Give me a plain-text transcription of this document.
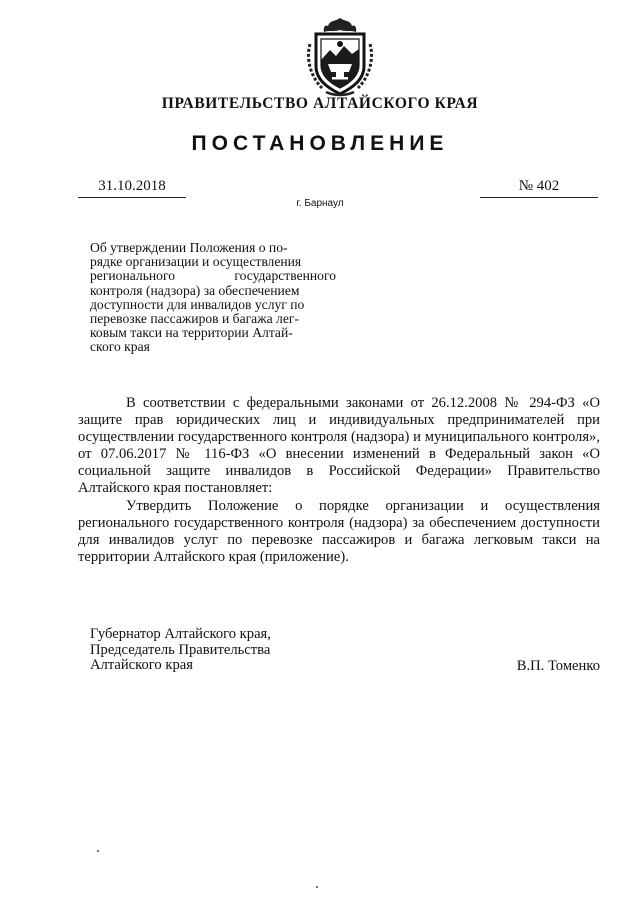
ПРАВИТЕЛЬСТВО АЛТАЙСКОГО КРАЯ
ПОСТАНОВЛЕНИЕ
31.10.2018	№ 402
г. Барнаул
Об утверждении Положения о по-
рядке организации и осуществления
регионального государственного
контроля (надзора) за обеспечением
доступности для инвалидов услуг по
перевозке пассажиров и багажа лег-
ковым такси на территории Алтай-
ского края

В соответствии с федеральными законами от 26.12.2008 № 294-ФЗ «О защите прав юридических лиц и индивидуальных предпринимателей при осуществлении государственного контроля (надзора) и муниципального контроля», от 07.06.2017 № 116-ФЗ «О внесении изменений в Федеральный закон «О социальной защите инвалидов в Российской Федерации» Правительство Алтайского края постановляет:

Утвердить Положение о порядке организации и осуществления регионального государственного контроля (надзора) за обеспечением доступности для инвалидов услуг по перевозке пассажиров и багажа легковым такси на территории Алтайского края (приложение).

Губернатор Алтайского края,
Председатель Правительства
Алтайского края	В.П. Томенко
